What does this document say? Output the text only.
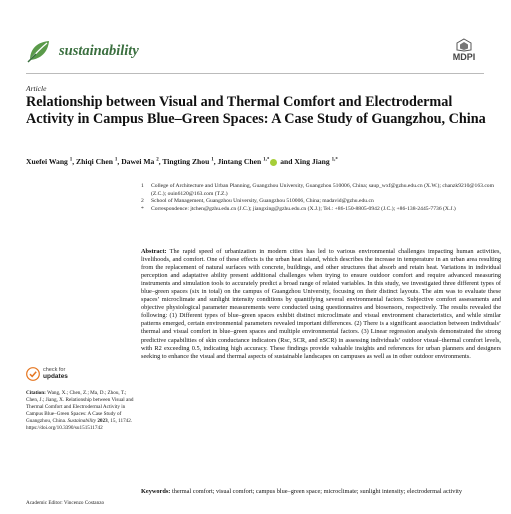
sustainability	MDPI
Article
Relationship between Visual and Thermal Comfort and Electrodermal Activity in Campus Blue–Green Spaces: A Case Study of Guangzhou, China
Xuefei Wang $^1$, Zhiqi Chen $^1$, Dawei Ma $^2$, Tingting Zhou $^1$, Jintang Chen $^{1,*}$ and Xing Jiang $^{1,*}$
1 College of Architecture and Urban Planning, Guangzhou University, Guangzhou 510006, China; saup_wxf@gzhu.edu.cn (X.W.); chanzk9210@163.com (Z.C.); ouin6120@163.com (T.Z.)
2 School of Management, Guangzhou University, Guangzhou 510006, China; madavid@gzhu.edu.cn
* Correspondence: jtchen@gzhu.edu.cn (J.C.); jiangxing@gzhu.edu.cn (X.J.); Tel.: +86-150-8805-0942 (J.C.); +86-138-2445-7736 (X.J.)

Abstract: The rapid speed of urbanization in modern cities has led to various environmental challenges impacting human activities, livelihoods, and comfort. One of these effects is the urban heat island, which describes the increase in temperature in an urban area resulting from the replacement of natural surfaces with concrete, buildings, and other structures that absorb and retain heat. Variations in individual perception and adaptative ability present additional challenges when trying to ensure outdoor comfort and require advanced measuring instruments and simulation tools to accurately predict a broad range of related variables. In this study, we investigated three different types of blue–green spaces (six in total) on the campus of Guangzhou University, focusing on their distinct layouts. The aim was to evaluate these spaces’ microclimate and sunlight intensity conditions by quantifying several environmental factors. Subjective comfort assessments and objective physiological parameter measurements were conducted using questionnaires and biosensors, respectively. The results revealed the following: (1) Different types of blue–green spaces exhibit distinct microclimate and visual environment characteristics, and while similar patterns emerged, certain environmental parameters revealed important differences. (2) There is a significant association between individuals’ thermal and visual comfort in blue–green spaces and multiple environmental factors. (3) Linear regression analysis demonstrated the strong predictive capabilities of skin conductance indicators (Rsc, SCR, and nSCR) in assessing individuals’ outdoor visual–thermal comfort levels, with R2 exceeding 0.5, indicating high accuracy. These findings provide valuable insights and references for urban planners and designers seeking to enhance the visual and thermal aspects of sustainable landscapes on campuses as well as in other outdoor environments.

Keywords: thermal comfort; visual comfort; campus blue–green space; microclimate; sunlight intensity; electrodermal activity

check for
updates
Citation: Wang, X.; Chen, Z.; Ma, D.; Zhou, T.; Chen, J.; Jiang, X. Relationship between Visual and Thermal Comfort and Electrodermal Activity in Campus Blue–Green Spaces: A Case Study of Guangzhou, China. Sustainability 2023, 15, 11742. https://doi.org/10.3390/su151511742
Academic Editor: Vincenzo Costanzo
